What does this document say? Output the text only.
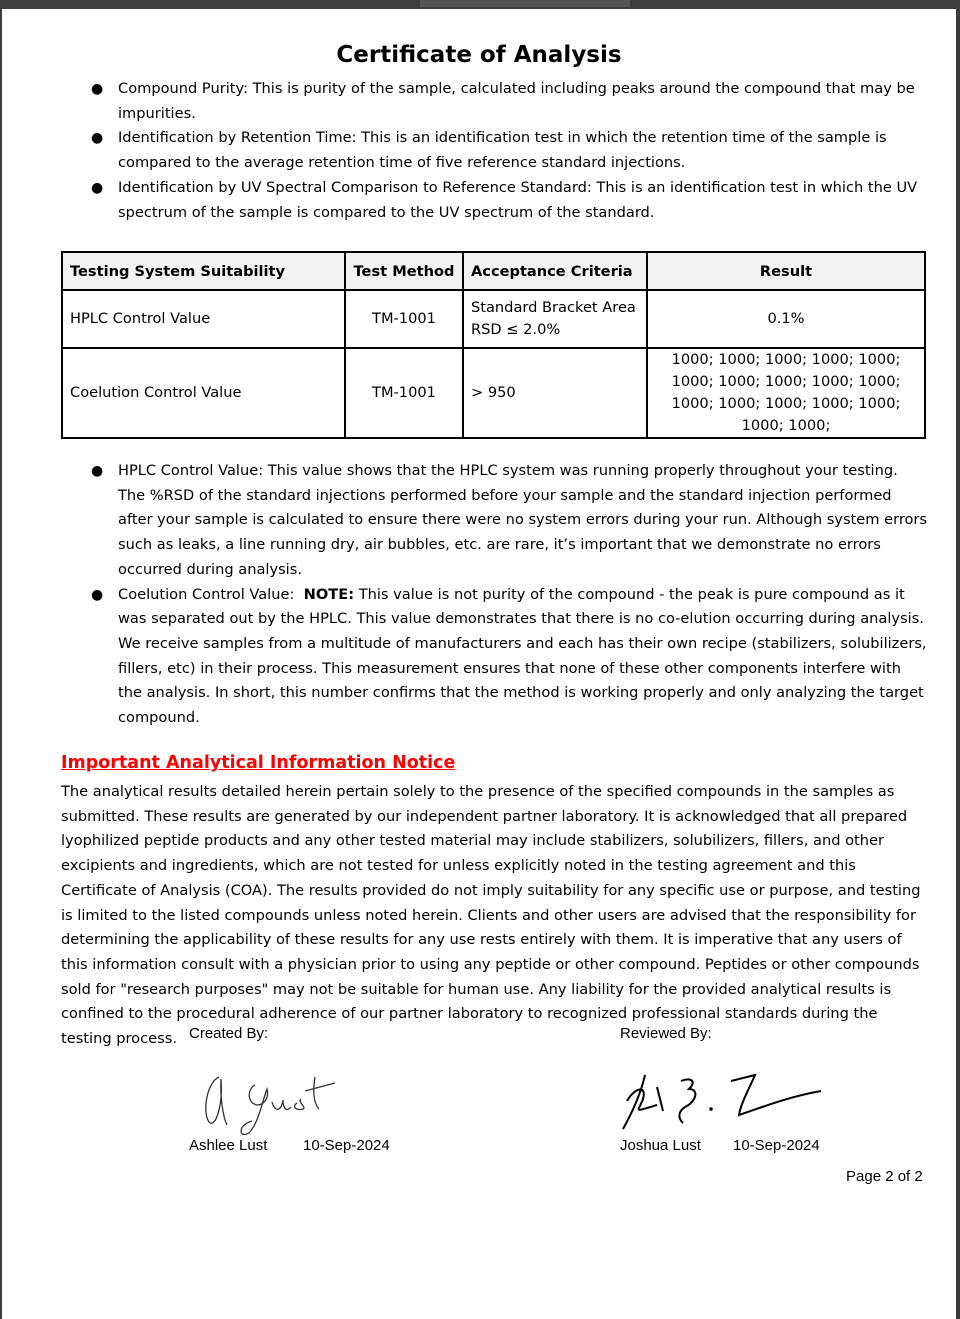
Certificate of Analysis
● Compound Purity: This is purity of the sample, calculated including peaks around the compound that may be impurities.
● Identification by Retention Time: This is an identification test in which the retention time of the sample is compared to the average retention time of five reference standard injections.
● Identification by UV Spectral Comparison to Reference Standard: This is an identification test in which the UV spectrum of the sample is compared to the UV spectrum of the standard.
Testing System Suitability	Test Method	Acceptance Criteria	Result
HPLC Control Value	TM-1001	Standard Bracket Area RSD ≤ 2.0%	0.1%
Coelution Control Value	TM-1001	> 950	1000; 1000; 1000; 1000; 1000; 1000; 1000; 1000; 1000; 1000; 1000; 1000; 1000; 1000; 1000; 1000; 1000;
● HPLC Control Value: This value shows that the HPLC system was running properly throughout your testing. The %RSD of the standard injections performed before your sample and the standard injection performed after your sample is calculated to ensure there were no system errors during your run. Although system errors such as leaks, a line running dry, air bubbles, etc. are rare, it’s important that we demonstrate no errors occurred during analysis.
● Coelution Control Value:  NOTE: This value is not purity of the compound - the peak is pure compound as it was separated out by the HPLC. This value demonstrates that there is no co-elution occurring during analysis. We receive samples from a multitude of manufacturers and each has their own recipe (stabilizers, solubilizers, fillers, etc) in their process. This measurement ensures that none of these other components interfere with the analysis. In short, this number confirms that the method is working properly and only analyzing the target compound.
Important Analytical Information Notice

The analytical results detailed herein pertain solely to the presence of the specified compounds in the samples as submitted. These results are generated by our independent partner laboratory. It is acknowledged that all prepared lyophilized peptide products and any other tested material may include stabilizers, solubilizers, fillers, and other excipients and ingredients, which are not tested for unless explicitly noted in the testing agreement and this Certificate of Analysis (COA). The results provided do not imply suitability for any specific use or purpose, and testing is limited to the listed compounds unless noted herein. Clients and other users are advised that the responsibility for determining the applicability of these results for any use rests entirely with them. It is imperative that any users of this information consult with a physician prior to using any peptide or other compound. Peptides or other compounds sold for "research purposes" may not be suitable for human use. Any liability for the provided analytical results is confined to the procedural adherence of our partner laboratory to recognized professional standards during the testing process. Created By:	Reviewed By:
Ashlee Lust 10-Sep-2024	Joshua Lust 10-Sep-2024
Page 2 of 2
